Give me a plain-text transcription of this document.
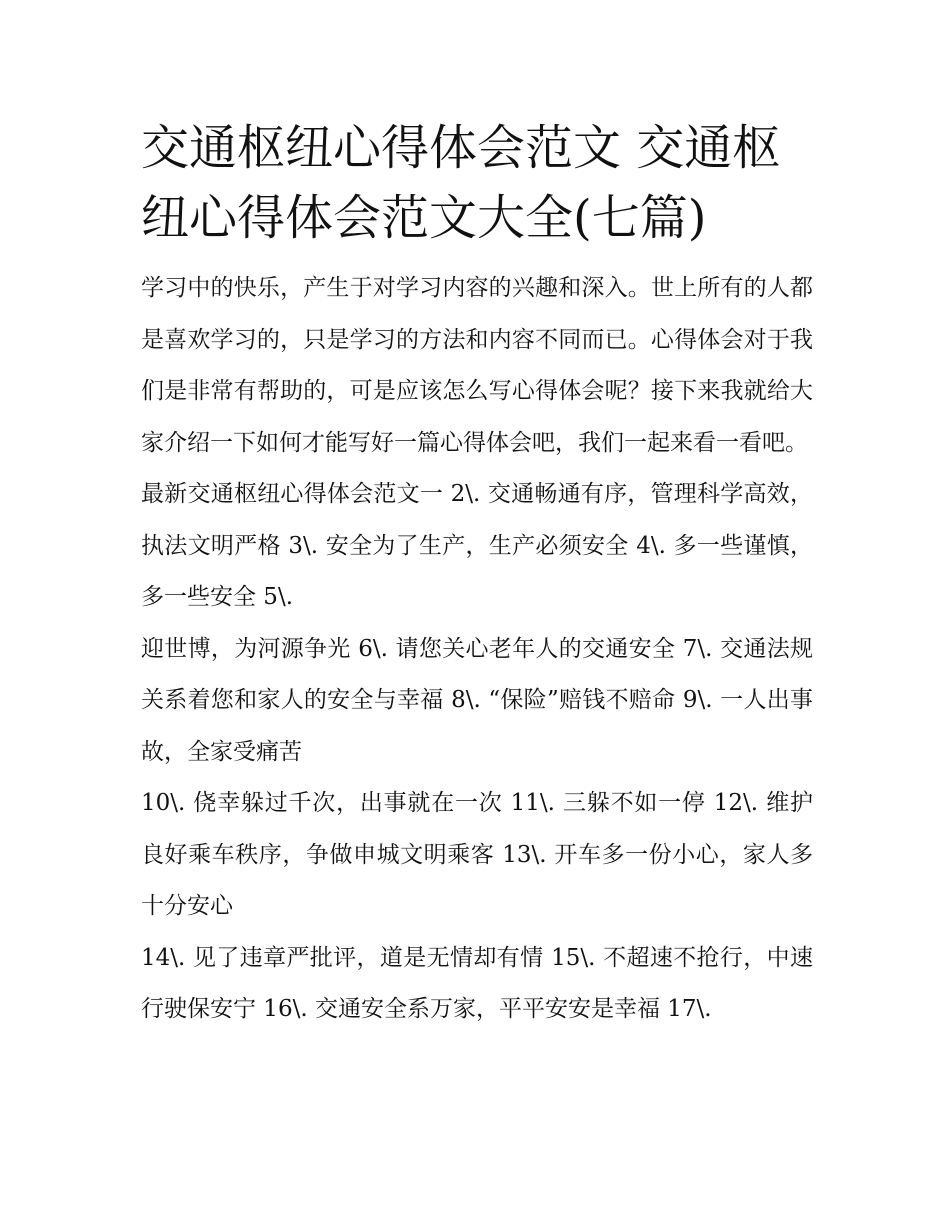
交通枢纽心得体会范文 交通枢纽心得体会范文大全(七篇)

学习中的快乐，产生于对学习内容的兴趣和深入。世上所有的人都是喜欢学习的，只是学习的方法和内容不同而已。心得体会对于我们是非常有帮助的，可是应该怎么写心得体会呢？接下来我就给大家介绍一下如何才能写好一篇心得体会吧，我们一起来看一看吧。

最新交通枢纽心得体会范文一 2\. 交通畅通有序，管理科学高效，执法文明严格 3\. 安全为了生产，生产必须安全 4\. 多一些谨慎，多一些安全 5\.

迎世博，为河源争光 6\. 请您关心老年人的交通安全 7\. 交通法规关系着您和家人的安全与幸福 8\. “保险”赔钱不赔命 9\. 一人出事故，全家受痛苦

10\. 侥幸躲过千次，出事就在一次 11\. 三躲不如一停 12\. 维护良好乘车秩序，争做申城文明乘客 13\. 开车多一份小心，家人多十分安心

14\. 见了违章严批评，道是无情却有情 15\. 不超速不抢行，中速行驶保安宁 16\. 交通安全系万家，平平安安是幸福 17\.
